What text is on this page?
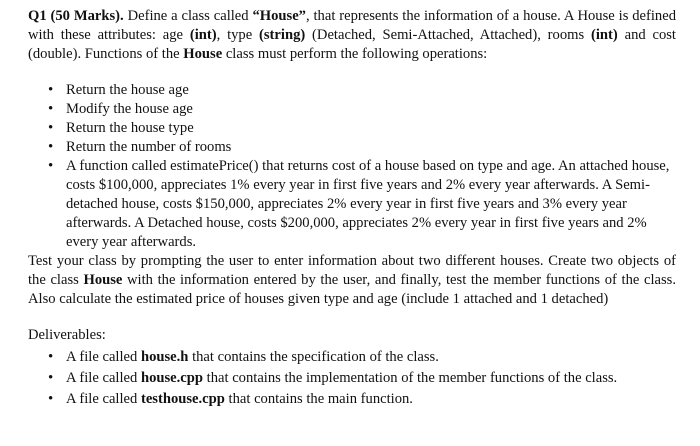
Q1 (50 Marks). Define a class called “House”, that represents the information of a house. A House is defined with these attributes: age (int), type (string) (Detached, Semi-Attached, Attached), rooms (int) and cost (double). Functions of the House class must perform the following operations:

• Return the house age
• Modify the house age
• Return the house type
• Return the number of rooms
• A function called estimatePrice() that returns cost of a house based on type and age. An attached house, costs $100,000, appreciates 1% every year in first five years and 2% every year afterwards. A Semi-detached house, costs $150,000, appreciates 2% every year in first five years and 3% every year afterwards. A Detached house, costs $200,000, appreciates 2% every year in first five years and 2% every year afterwards.

Test your class by prompting the user to enter information about two different houses. Create two objects of the class House with the information entered by the user, and finally, test the member functions of the class. Also calculate the estimated price of houses given type and age (include 1 attached and 1 detached)

Deliverables:

• A file called house.h that contains the specification of the class.
• A file called house.cpp that contains the implementation of the member functions of the class.
• A file called testhouse.cpp that contains the main function.
